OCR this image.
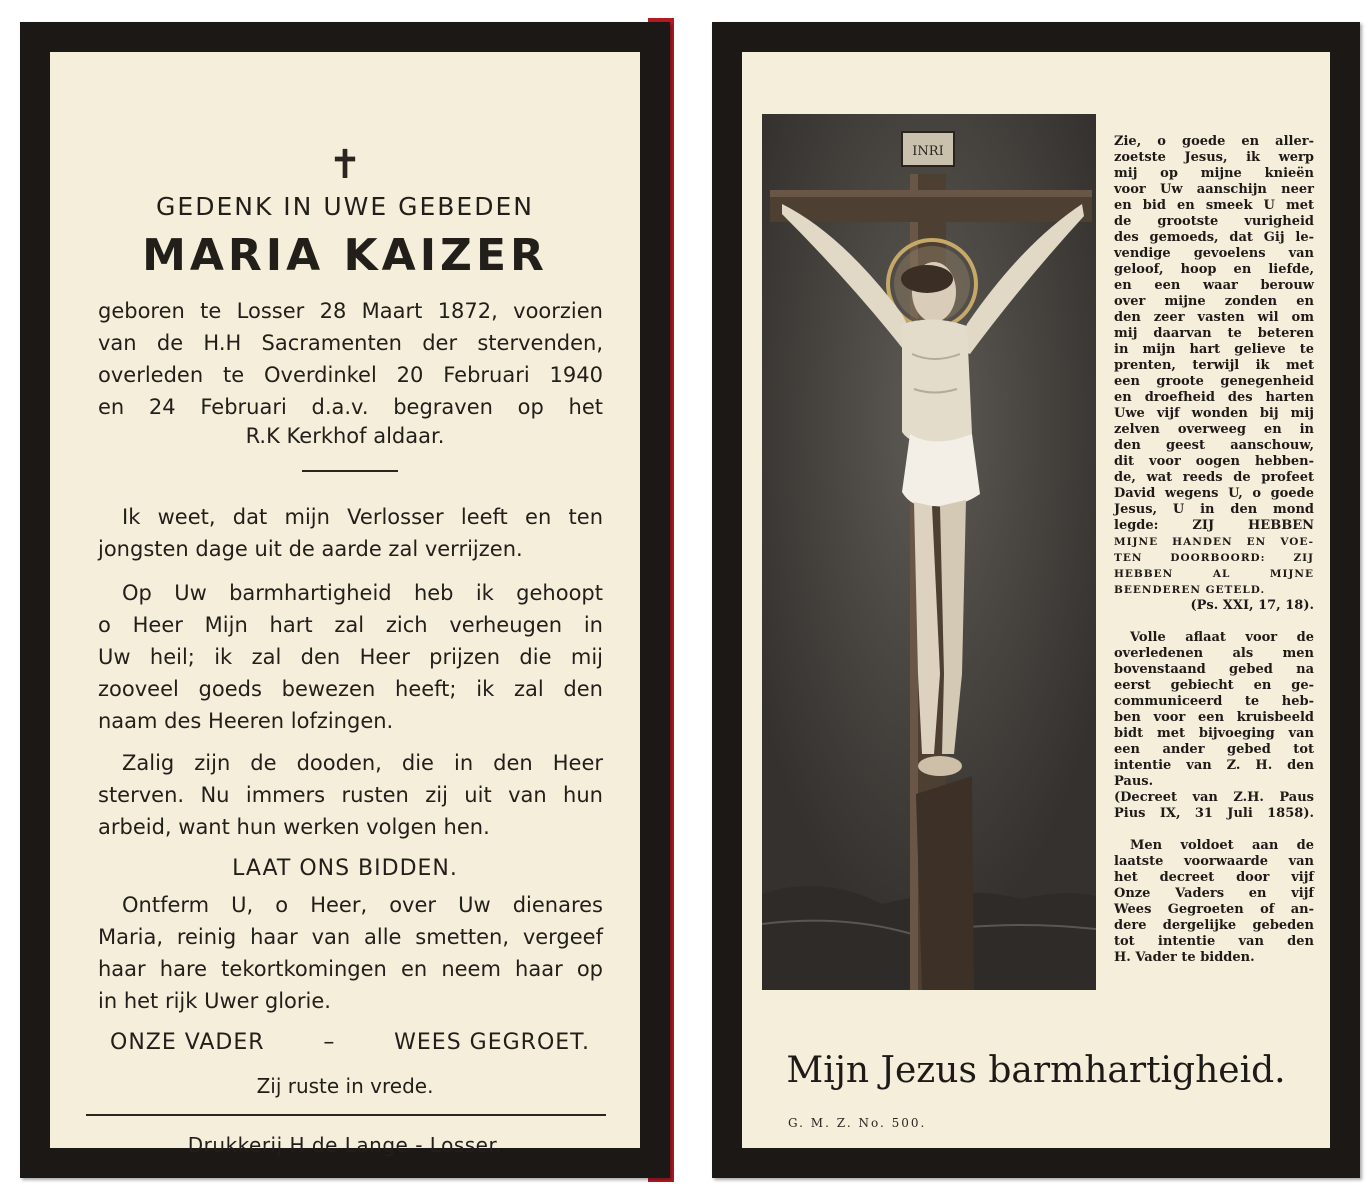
✝
GEDENK IN UWE GEBEDEN
MARIA KAIZER
geboren te Losser 28 Maart 1872, voorzien
van de H.H Sacramenten der stervenden,
overleden te Overdinkel 20 Februari 1940
en 24 Februari d.a.v. begraven op het
R.K Kerkhof aldaar.
Ik weet, dat mijn Verlosser leeft en ten
jongsten dage uit de aarde zal verrijzen.
Op Uw barmhartigheid heb ik gehoopt
o Heer Mijn hart zal zich verheugen in
Uw heil; ik zal den Heer prijzen die mij
zooveel goeds bewezen heeft; ik zal den
naam des Heeren lofzingen.
Zalig zijn de dooden, die in den Heer
sterven. Nu immers rusten zij uit van hun
arbeid, want hun werken volgen hen.
LAAT ONS BIDDEN.
Ontferm U, o Heer, over Uw dienares
Maria, reinig haar van alle smetten, vergeef
haar hare tekortkomingen en neem haar op
in het rijk Uwer glorie.
ONZE VADER	–	WEES GEGROET.
Zij ruste in vrede.
Drukkerij H de Lange - Losser.
INRI
Zie, o goede en aller-
zoetste Jesus, ik werp
mij op mijne knieën
voor Uw aanschijn neer
en bid en smeek U met
de grootste vurigheid
des gemoeds, dat Gij le-
vendige gevoelens van
geloof, hoop en liefde,
en een waar berouw
over mijne zonden en
den zeer vasten wil om
mij daarvan te beteren
in mijn hart gelieve te
prenten, terwijl ik met
een groote genegenheid
en droefheid des harten
Uwe vijf wonden bij mij
zelven overweeg en in
den geest aanschouw,
dit voor oogen hebben-
de, wat reeds de profeet
David wegens U, o goede
Jesus, U in den mond
legde: ZIJ HEBBEN
MIJNE HANDEN EN VOE-
TEN DOORBOORD: ZIJ
HEBBEN AL MIJNE
BEENDEREN GETELD.
(Ps. XXI, 17, 18).
Volle aflaat voor de
overledenen als men
bovenstaand gebed na
eerst gebiecht en ge-
communiceerd te heb-
ben voor een kruisbeeld
bidt met bijvoeging van
een ander gebed tot
intentie van Z. H. den
Paus.
(Decreet van Z.H. Paus
Pius IX, 31 Juli 1858).
Men voldoet aan de
laatste voorwaarde van
het decreet door vijf
Onze Vaders en vijf
Wees Gegroeten of an-
dere dergelijke gebeden
tot intentie van den
H. Vader te bidden.
Mijn Jezus barmhartigheid.
G. M. Z. No. 500.
